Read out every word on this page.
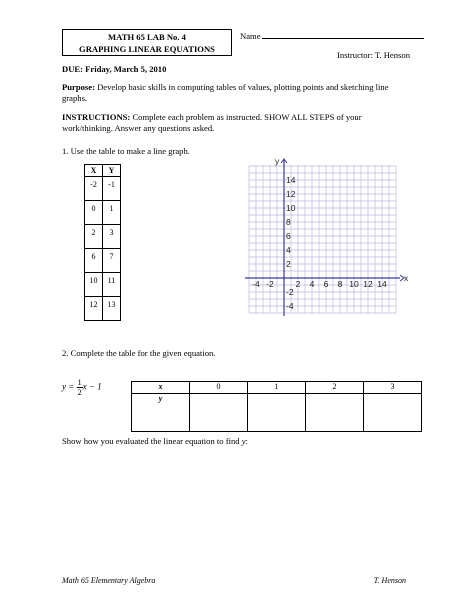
MATH 65 LAB No. 4
GRAPHING LINEAR EQUATIONS
Name
Instructor: T. Henson
DUE: Friday, March 5, 2010
Purpose: Develop basic skills in computing tables of values, plotting points and sketching line graphs.
INSTRUCTIONS: Complete each problem as instructed. SHOW ALL STEPS of your work/thinking. Answer any questions asked.
1. Use the table to make a line graph.
X	Y
-2	-1
0	1
2	3
6	7
10	11
12	13
y
x
-4 -2	2 4 6 8 10 12 14
14
12
10
8
6
4
2
-2
-4
2. Complete the table for the given equation.
$y = \frac{1}{2}$ x − 1	x	0	1	2	3
y				
Show how you evaluated the linear equation to find y:
Math 65 Elementary Algebra	T. Henson
